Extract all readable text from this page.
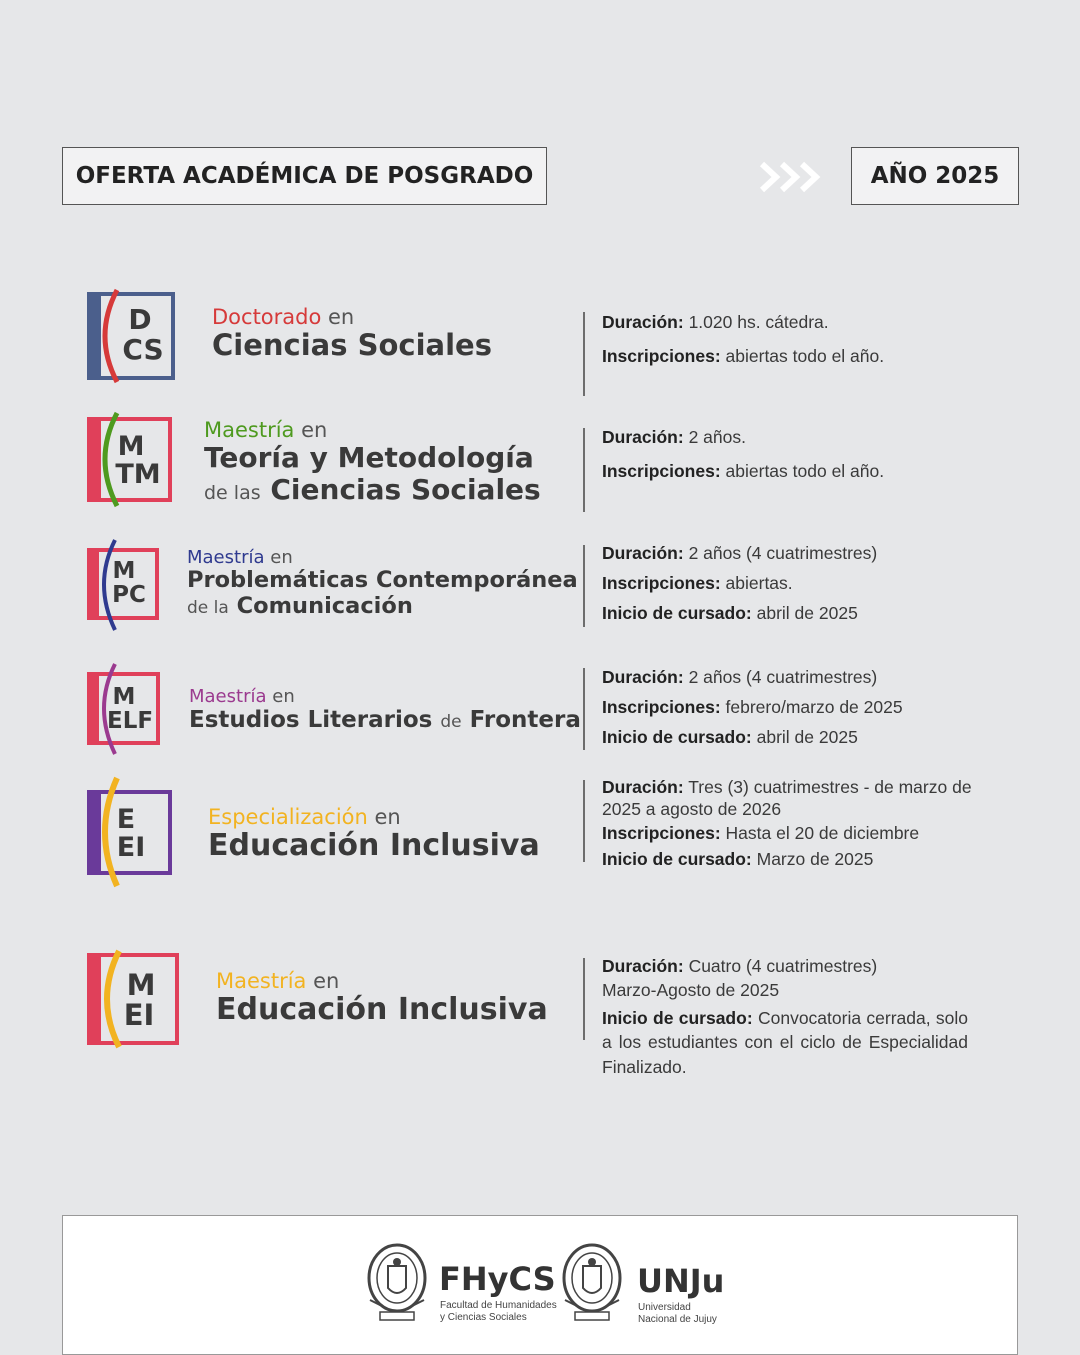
OFERTA ACADÉMICA DE POSGRADO	AÑO 2025
D
CS
Doctorado en
Ciencias Sociales
Duración: 1.020 hs. cátedra.
Inscripciones: abiertas todo el año.
M
TM
Maestría en
Teoría y Metodología
de las Ciencias Sociales
Duración: 2 años.
Inscripciones: abiertas todo el año.
M
PC
Maestría en
Problemáticas Contemporánea
de la Comunicación
Duración: 2 años (4 cuatrimestres)
Inscripciones: abiertas.
Inicio de cursado: abril de 2025
M
ELF
Maestría en
Estudios Literarios de Frontera
Duración: 2 años (4 cuatrimestres)
Inscripciones: febrero/marzo de 2025
Inicio de cursado: abril de 2025
E
EI
Especialización en
Educación Inclusiva
Duración: Tres (3) cuatrimestres - de marzo de 2025 a agosto de 2026
Inscripciones: Hasta el 20 de diciembre
Inicio de cursado: Marzo de 2025
M
EI
Maestría en
Educación Inclusiva
Duración: Cuatro (4 cuatrimestres)
Marzo-Agosto de 2025
Inicio de cursado: Convocatoria cerrada, solo a los estudiantes con el ciclo de Especialidad Finalizado.
FHyCS
Facultad de Humanidades
y Ciencias Sociales
UNJu
Universidad
Nacional de Jujuy
